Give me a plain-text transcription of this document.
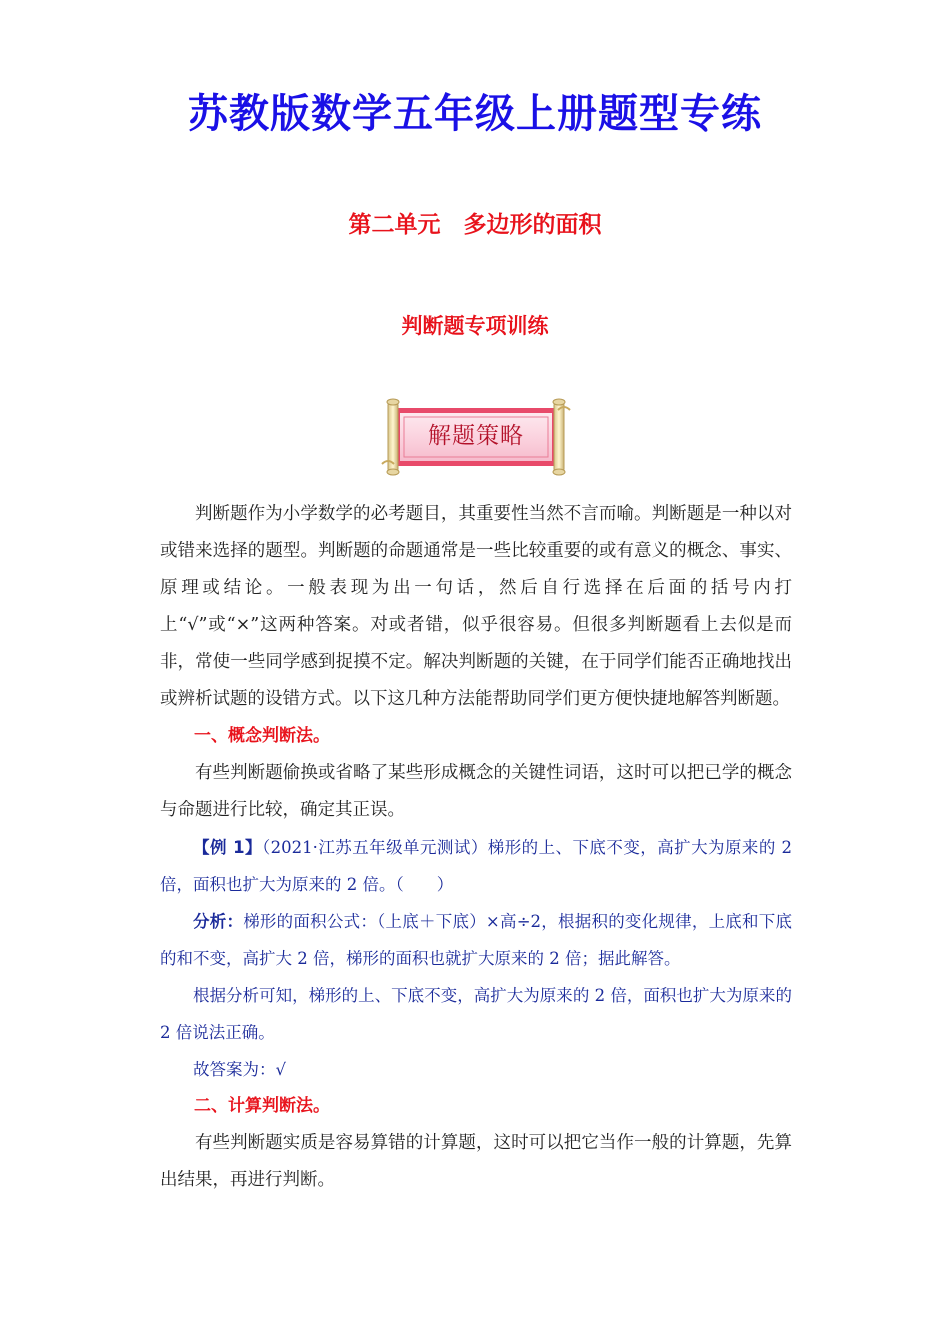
苏教版数学五年级上册题型专练
第二单元　多边形的面积
判断题专项训练
解题策略

判断题作为小学数学的必考题目，其重要性当然不言而喻。判断题是一种以对或错来选择的题型。判断题的命题通常是一些比较重要的或有意义的概念、事实、原理或结论。一般表现为出一句话，然后自行选择在后面的括号内打上“√”或“×”这两种答案。对或者错，似乎很容易。但很多判断题看上去似是而非，常使一些同学感到捉摸不定。解决判断题的关键，在于同学们能否正确地找出或辨析试题的设错方式。以下这几种方法能帮助同学们更方便快捷地解答判断题。

一、概念判断法。

有些判断题偷换或省略了某些形成概念的关键性词语，这时可以把已学的概念与命题进行比较，确定其正误。

【例 1】（2021·江苏五年级单元测试）梯形的上、下底不变，高扩大为原来的 2 倍，面积也扩大为原来的 2 倍。（　　）

分析：梯形的面积公式：（上底＋下底）×高÷2，根据积的变化规律，上底和下底的和不变，高扩大 2 倍，梯形的面积也就扩大原来的 2 倍；据此解答。

根据分析可知，梯形的上、下底不变，高扩大为原来的 2 倍，面积也扩大为原来的 2 倍说法正确。

故答案为：√

二、计算判断法。

有些判断题实质是容易算错的计算题，这时可以把它当作一般的计算题，先算出结果，再进行判断。
